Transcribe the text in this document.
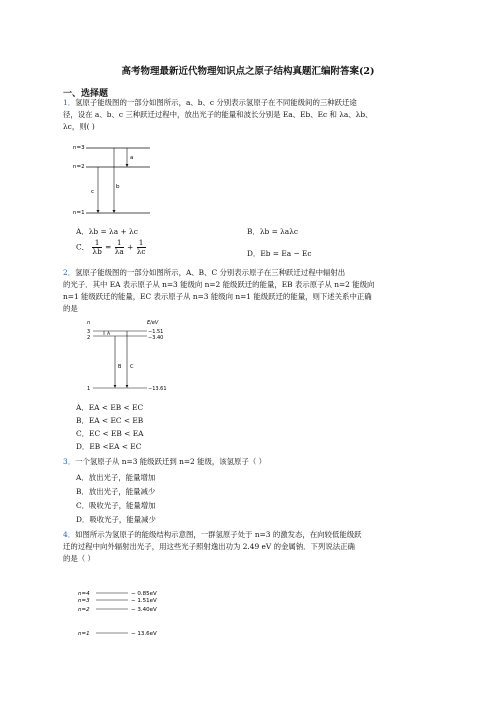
高考物理最新近代物理知识点之原子结构真题汇编附答案(2)
一、选择题
1．氢原子能级图的一部分如图所示，a、b、c 分别表示氢原子在不同能级间的三种跃迁途
径，设在 a、b、c 三种跃迁过程中，放出光子的能量和波长分别是 Ea、Eb、Ec 和 λa、λb、
λc，则( )
n=3
n=2
n=1
a
b
c
A．λb = λa + λc	B．λb = λaλc
C． $\frac{1}{\lambda b} = \frac{1}{\lambda a} + \frac{1}{\lambda c}$	D．Eb = Ea − Ec
2．氢原子能级图的一部分如图所示，A、B、C 分别表示原子在三种跃迁过程中辐射出
的光子．其中 EA 表示原子从 n=3 能级向 n=2 能级跃迁的能量，EB 表示原子从 n=2 能级向
n=1 能级跃迁的能量，EC 表示原子从 n=3 能级向 n=1 能级跃迁的能量，则下述关系中正确
的是
n	E/eV
3	−1.51
2	−3.40
1	−13.61
A
B C
A．EA < EB < EC
B．EA < EC < EB
C．EC < EB < EA
D．EB <EA < EC
3．一个氢原子从 n=3 能级跃迁到 n=2 能级，该氢原子（ ）
A．放出光子，能量增加
B．放出光子，能量减少
C．吸收光子，能量增加
D．吸收光子，能量减少
4．如图所示为氢原子的能级结构示意图，一群氢原子处于 n=3 的激发态，在向较低能级跃
迁的过程中向外辐射出光子，用这些光子照射逸出功为 2.49 eV 的金属钠．下列说法正确
的是（ ）
n=4	− 0.85eV
n=3	− 1.51eV
n=2	− 3.40eV
n=1	− 13.6eV
